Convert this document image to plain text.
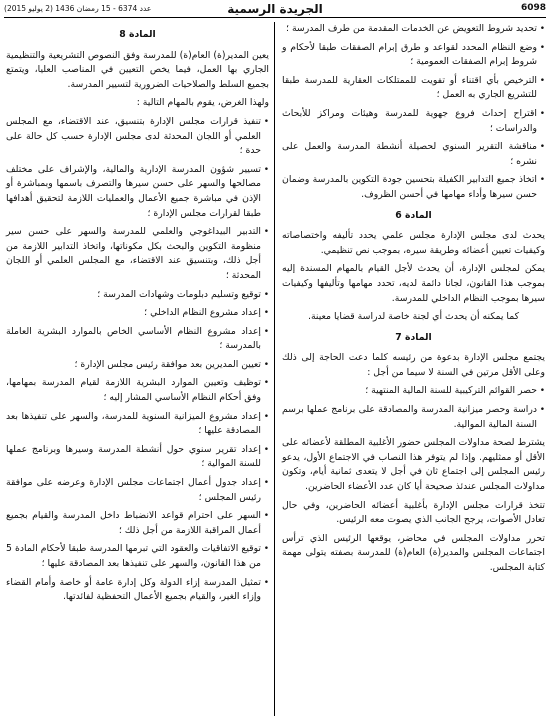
6098
الجريدة الرسمية
عدد 6374 - 15 رمضان 1436 (2 يوليو 2015)

• تحديد شروط التعويض عن الخدمات المقدمة من طرف المدرسة ؛

• وضع النظام المحدد لقواعد و طرق إبرام الصفقات طبقا لأحكام و شروط إبرام الصفقات العمومية ؛

• الترخيص بأي اقتناء أو تفويت للممتلكات العقارية للمدرسة طبقا للتشريع الجاري به العمل ؛

• اقتراح إحداث فروع جهوية للمدرسة وهيئات ومراكز للأبحاث والدراسات ؛

• مناقشة التقرير السنوي لحصيلة أنشطة المدرسة والعمل على نشره ؛

• اتخاذ جميع التدابير الكفيلة بتحسين جودة التكوين بالمدرسة وضمان حسن سيرها وأداء مهامها في أحسن الظروف.

المادة 6

يحدث لدى مجلس الإدارة مجلس علمي يحدد تأليفه واختصاصاته وكيفيات تعيين أعضائه وطريقة سيره، بموجب نص تنظيمي.

يمكن لمجلس الإدارة، أن يحدث لأجل القيام بالمهام المسندة إليه بموجب هذا القانون، لجانا دائمة لديه، تحدد مهامها وتأليفها وكيفيات سيرها بموجب النظام الداخلي للمدرسة.

كما يمكنه أن يحدث أي لجنة خاصة لدراسة قضايا معينة.

المادة 7

يجتمع مجلس الإدارة بدعوة من رئيسه كلما دعت الحاجة إلى ذلك وعلى الأقل مرتين في السنة لا سيما من أجل :

• حصر القوائم التركيبية للسنة المالية المنتهية ؛

• دراسة وحصر ميزانية المدرسة والمصادقة على برنامج عملها برسم السنة المالية الموالية.

يشترط لصحة مداولات المجلس حضور الأغلبية المطلقة لأعضائه على الأقل أو ممثليهم. وإذا لم يتوفر هذا النصاب في الاجتماع الأول، يدعو رئيس المجلس إلى اجتماع ثان في أجل لا يتعدى ثمانية أيام، وتكون مداولات المجلس عندئذ صحيحة أيا كان عدد الأعضاء الحاضرين.

تتخذ قرارات مجلس الإدارة بأغلبية أعضائه الحاضرين، وفي حال تعادل الأصوات، يرجح الجانب الذي يصوت معه الرئيس.

تحرر مداولات المجلس في محاضر، يوقعها الرئيس الذي ترأس اجتماعات المجلس والمدير(ة) العام(ة) للمدرسة بصفته يتولى مهمة كتابة المجلس.

المادة 8

يعين المدير(ة) العام(ة) للمدرسة وفق النصوص التشريعية والتنظيمية الجاري بها العمل، فيما يخص التعيين في المناصب العليا، ويتمتع بجميع السلط والصلاحيات الضرورية لتسيير المدرسة.

ولهذا الغرض، يقوم بالمهام التالية :

• تنفيذ قرارات مجلس الإدارة بتنسيق، عند الاقتضاء، مع المجلس العلمي أو اللجان المحدثة لدى مجلس الإدارة حسب كل حالة على حدة ؛

• تسيير شؤون المدرسة الإدارية والمالية، والإشراف على مختلف مصالحها والسهر على حسن سيرها والتصرف باسمها وبمباشرة أو الإذن في مباشرة جميع الأعمال والعمليات اللازمة لتحقيق أهدافها طبقا لقرارات مجلس الإدارة ؛

• التدبير البيداغوجي والعلمي للمدرسة والسهر على حسن سير منظومة التكوين والبحث بكل مكوناتها، واتخاذ التدابير اللازمة من أجل ذلك، وبتنسيق عند الاقتضاء، مع المجلس العلمي أو اللجان المحدثة ؛

• توقيع وتسليم دبلومات وشهادات المدرسة ؛

• إعداد مشروع النظام الداخلي ؛

• إعداد مشروع النظام الأساسي الخاص بالموارد البشرية العاملة بالمدرسة ؛

• تعيين المديرين بعد موافقة رئيس مجلس الإدارة ؛

• توظيف وتعيين الموارد البشرية اللازمة لقيام المدرسة بمهامها، وفق أحكام النظام الأساسي المشار إليه ؛

• إعداد مشروع الميزانية السنوية للمدرسة، والسهر على تنفيذها بعد المصادقة عليها ؛

• إعداد تقرير سنوي حول أنشطة المدرسة وسيرها وبرنامج عملها للسنة الموالية ؛

• إعداد جدول أعمال اجتماعات مجلس الإدارة وعرضه على موافقة رئيس المجلس ؛

• السهر على احترام قواعد الانضباط داخل المدرسة والقيام بجميع أعمال المراقبة اللازمة من أجل ذلك ؛

• توقيع الاتفاقيات والعقود التي تبرمها المدرسة طبقا لأحكام المادة 5 من هذا القانون، والسهر على تنفيذها بعد المصادقة عليها ؛

• تمثيل المدرسة إزاء الدولة وكل إدارة عامة أو خاصة وأمام القضاء وإزاء الغير، والقيام بجميع الأعمال التحفظية لفائدتها.
